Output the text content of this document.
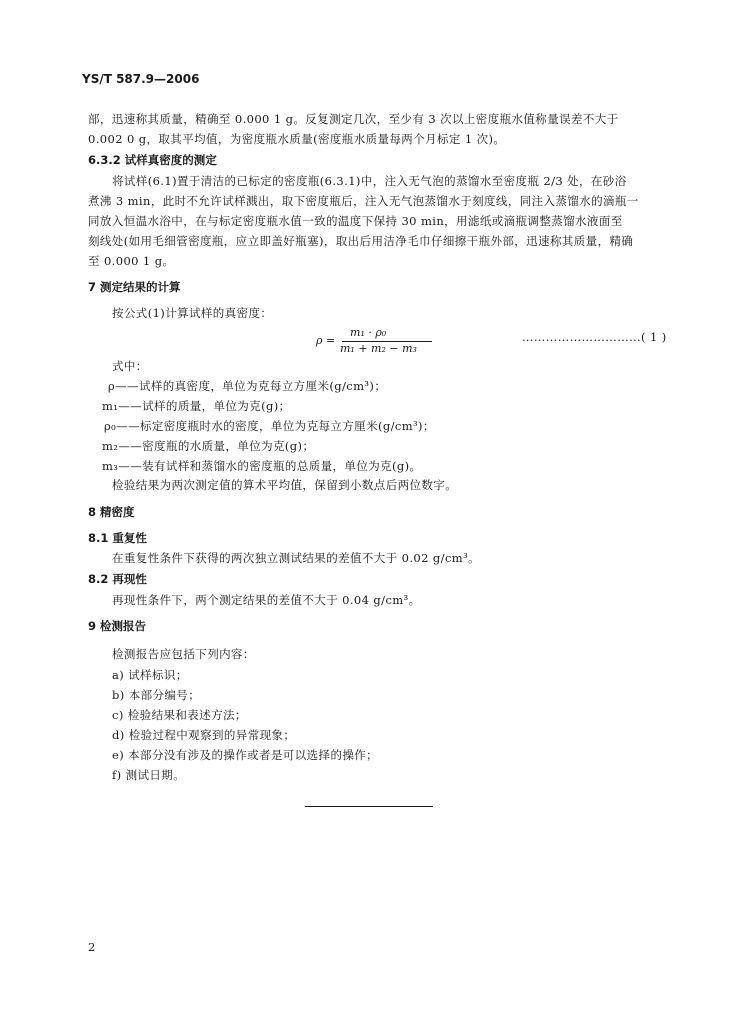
YS/T 587.9—2006
部，迅速称其质量，精确至 0.000 1 g。反复测定几次，至少有 3 次以上密度瓶水值称量误差不大于
0.002 0 g，取其平均值，为密度瓶水质量(密度瓶水质量每两个月标定 1 次)。
6.3.2 试样真密度的测定
将试样(6.1)置于清洁的已标定的密度瓶(6.3.1)中，注入无气泡的蒸馏水至密度瓶 2/3 处，在砂浴
煮沸 3 min，此时不允许试样溅出，取下密度瓶后，注入无气泡蒸馏水于刻度线，同注入蒸馏水的滴瓶一
同放入恒温水浴中，在与标定密度瓶水值一致的温度下保持 30 min，用滤纸或滴瓶调整蒸馏水液面至
刻线处(如用毛细管密度瓶，应立即盖好瓶塞)，取出后用洁净毛巾仔细擦干瓶外部，迅速称其质量，精确
至 0.000 1 g。
7 测定结果的计算
按公式(1)计算试样的真密度：
ρ =
m₁ · ρ₀
m₁ + m₂ − m₃
…………………………( 1 )
式中：
ρ——试样的真密度，单位为克每立方厘米(g/cm³)；
m₁——试样的质量，单位为克(g)；
ρ₀——标定密度瓶时水的密度，单位为克每立方厘米(g/cm³)；
m₂——密度瓶的水质量，单位为克(g)；
m₃——装有试样和蒸馏水的密度瓶的总质量，单位为克(g)。
检验结果为两次测定值的算术平均值，保留到小数点后两位数字。
8 精密度
8.1 重复性
在重复性条件下获得的两次独立测试结果的差值不大于 0.02 g/cm³。
8.2 再现性
再现性条件下，两个测定结果的差值不大于 0.04 g/cm³。
9 检测报告
检测报告应包括下列内容：
a) 试样标识；
b) 本部分编号；
c) 检验结果和表述方法；
d) 检验过程中观察到的异常现象；
e) 本部分没有涉及的操作或者是可以选择的操作；
f) 测试日期。
2
